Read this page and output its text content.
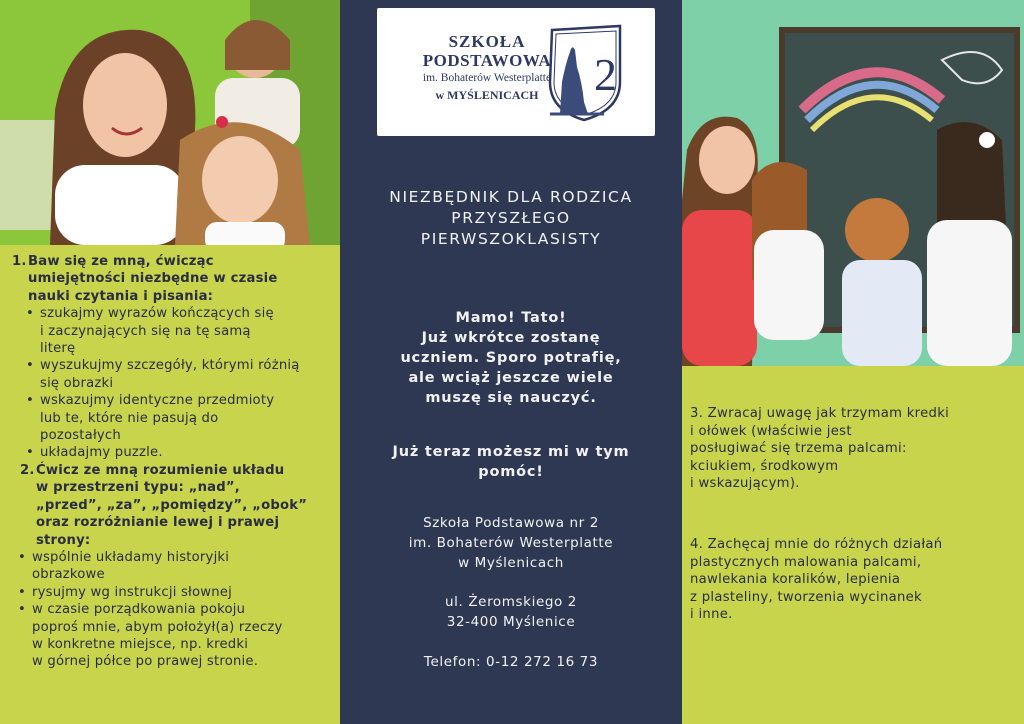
1.Baw się ze mną, ćwicząc
umiejętności niezbędne w czasie
nauki czytania i pisania:
• szukajmy wyrazów kończących się
i zaczynających się na tę samą
literę
• wyszukujmy szczegóły, którymi różnią
się obrazki
• wskazujmy identyczne przedmioty
lub te, które nie pasują do
pozostałych
• układajmy puzzle.
2.Ćwicz ze mną rozumienie układu
w przestrzeni typu: „nad”,
„przed”, „za”, „pomiędzy”, „obok”
oraz rozróżnianie lewej i prawej
strony:
• wspólnie układamy historyjki
obrazkowe
• rysujmy wg instrukcji słownej
• w czasie porządkowania pokoju
poproś mnie, abym położył(a) rzeczy
w konkretne miejsce, np. kredki
w górnej półce po prawej stronie.
SZKOŁA
PODSTAWOWA
im. Bohaterów Westerplatte
w MYŚLENICACH	2
NIEZBĘDNIK DLA RODZICA
PRZYSZŁEGO
PIERWSZOKLASISTY
Mamo! Tato!
Już wkrótce zostanę
uczniem. Sporo potrafię,
ale wciąż jeszcze wiele
muszę się nauczyć.
Już teraz możesz mi w tym
pomóc!
Szkoła Podstawowa nr 2
im. Bohaterów Westerplatte
w Myślenicach
ul. Żeromskiego 2
32-400 Myślenice
Telefon: 0-12 272 16 73
3. Zwracaj uwagę jak trzymam kredki
i ołówek (właściwie jest
posługiwać się trzema palcami:
kciukiem, środkowym
i wskazującym).
4. Zachęcaj mnie do różnych działań
plastycznych malowania palcami,
nawlekania koralików, lepienia
z plasteliny, tworzenia wycinanek
i inne.
